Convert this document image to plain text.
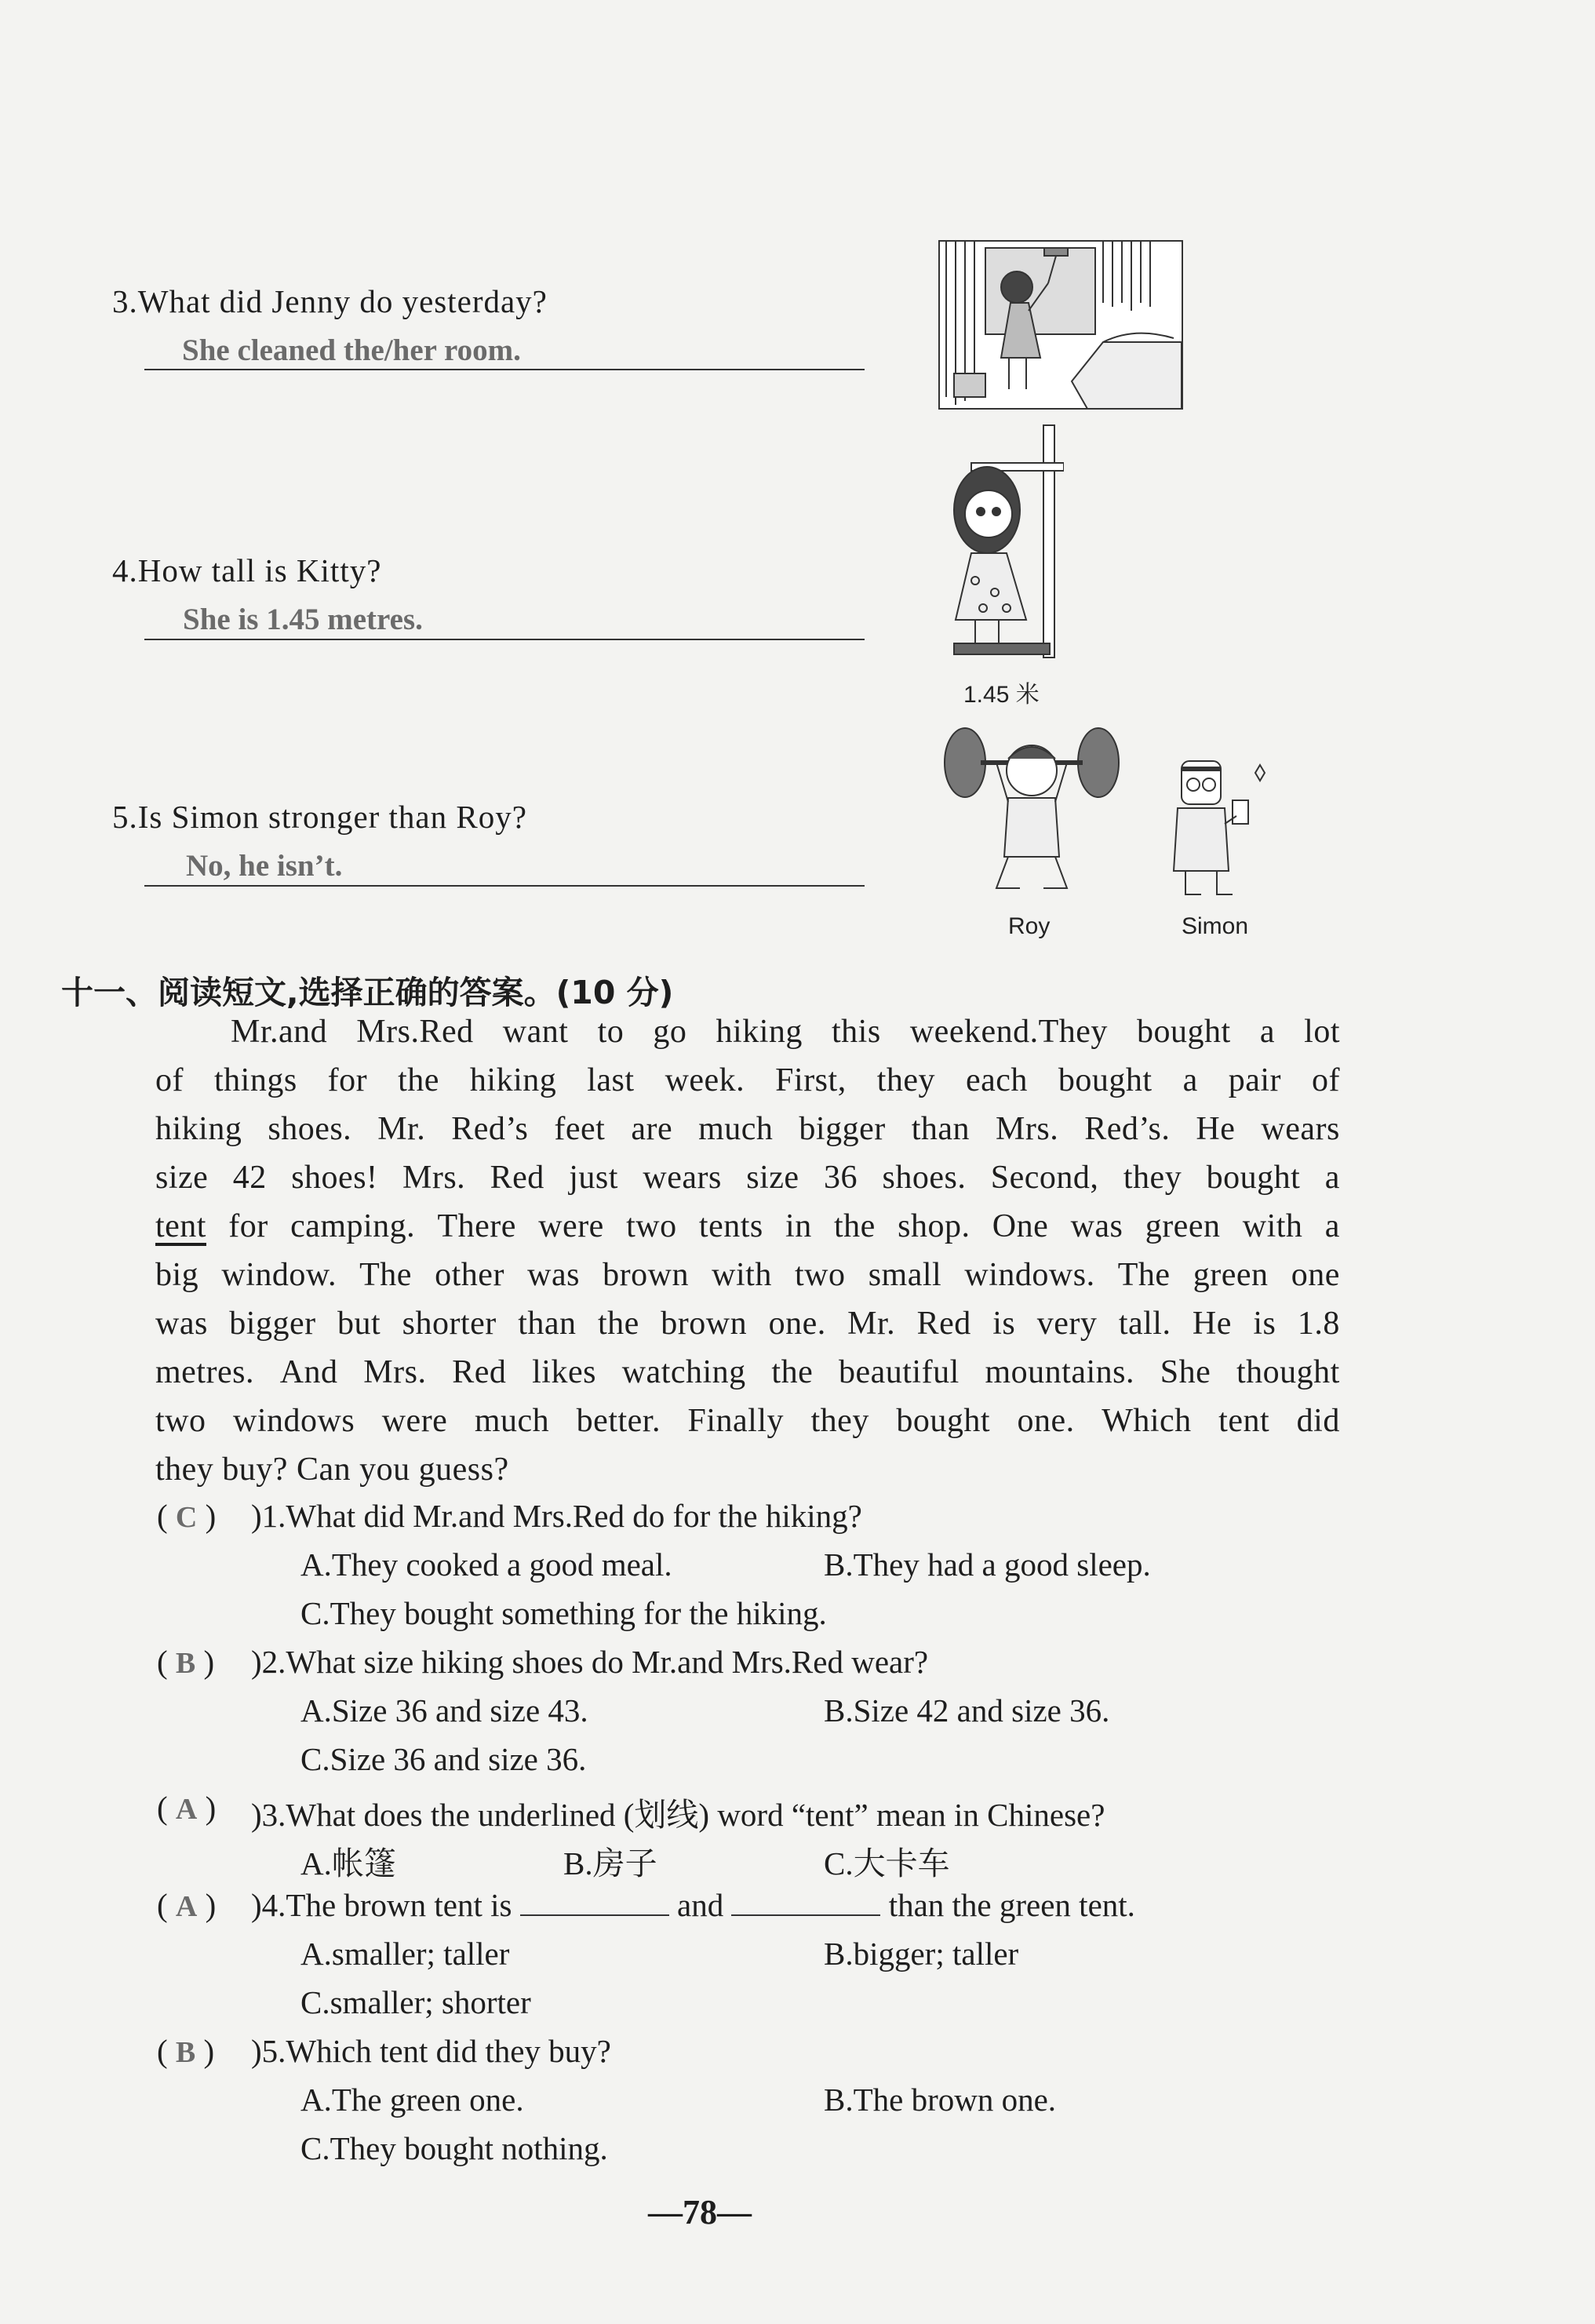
3.What did Jenny do yesterday?
She cleaned the/her room.
4.How tall is Kitty?
She is 1.45 metres.
5.Is Simon stronger than Roy?
No, he isn’t.
1.45 米
Roy	Simon
十一、阅读短文,选择正确的答案。(10 分)
Mr.and Mrs.Red want to go hiking this weekend.They bought a lot
of things for the hiking last week. First, they each bought a pair of
hiking shoes. Mr. Red’s feet are much bigger than Mrs. Red’s. He wears
size 42 shoes! Mrs. Red just wears size 36 shoes. Second, they bought a
tent for camping. There were two tents in the shop. One was green with a
big window. The other was brown with two small windows. The green one
was bigger but shorter than the brown one. Mr. Red is very tall. He is 1.8
metres. And Mrs. Red likes watching the beautiful mountains. She thought
two windows were much better. Finally they bought one. Which tent did
they buy? Can you guess?
( C ) )1.What did Mr.and Mrs.Red do for the hiking?
A.They cooked a good meal.	B.They had a good sleep.
C.They bought something for the hiking.
( B ) )2.What size hiking shoes do Mr.and Mrs.Red wear?
A.Size 36 and size 43.	B.Size 42 and size 36.
C.Size 36 and size 36.
( A ) )3.What does the underlined (划线) word “tent” mean in Chinese?
A.帐篷	B.房子	C.大卡车
( A ) )4.The brown tent is	and	than the green tent.
A.smaller; taller	B.bigger; taller
C.smaller; shorter
( B ) )5.Which tent did they buy?
A.The green one.	B.The brown one.
C.They bought nothing.
—78—
